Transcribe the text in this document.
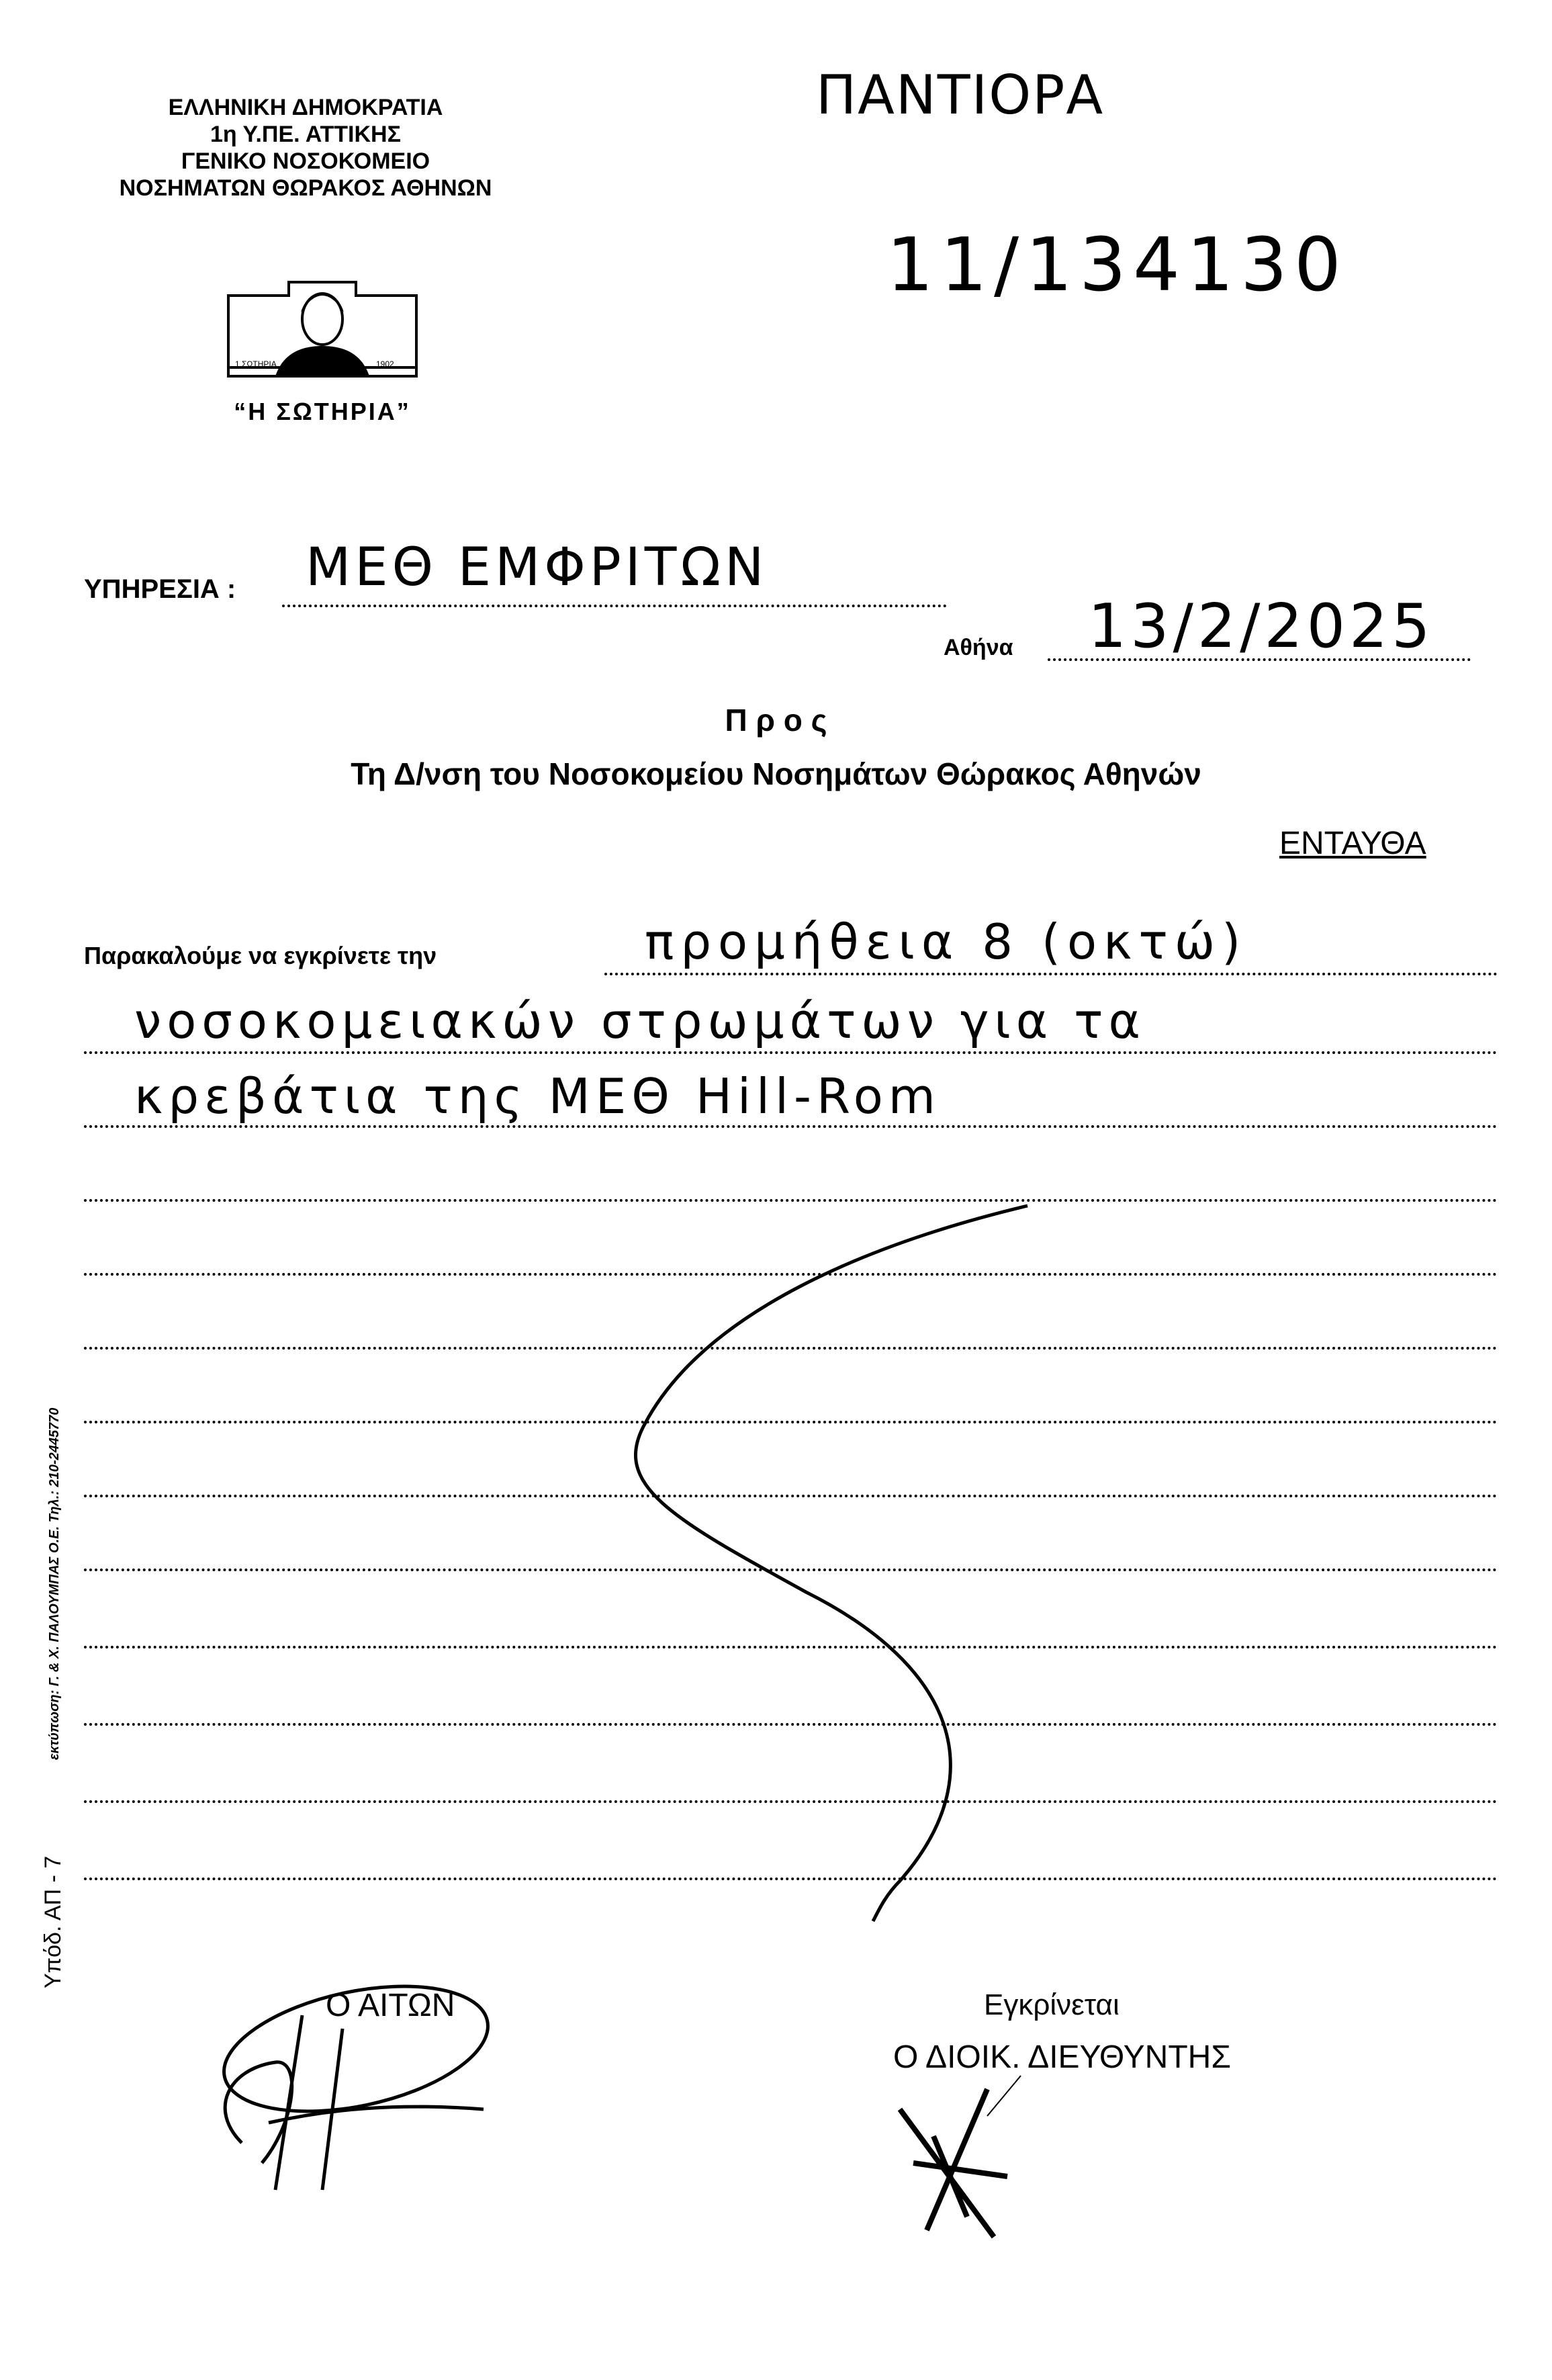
ΕΛΛΗΝΙΚΗ ΔΗΜΟΚΡΑΤΙΑ
1η Υ.ΠΕ. ΑΤΤΙΚΗΣ
ΓΕΝΙΚΟ ΝΟΣΟΚΟΜΕΙΟ
ΝΟΣΗΜΑΤΩΝ ΘΩΡΑΚΟΣ ΑΘΗΝΩΝ
1 ΣΩΤΗΡΙΑ	1902
“Η ΣΩΤΗΡΙΑ”
ΠΑΝΤΙΟΡΑ
11/134130
ΥΠΗΡΕΣΙΑ : ΜΕΘ ΕΜΦΡΙΤΩΝ
Αθήνα 13/2/2025
Π ρ ο ς
Τη Δ/νση του Νοσοκομείου Νοσημάτων Θώρακος Αθηνών
ΕΝΤΑΥΘΑ
Παρακαλούμε να εγκρίνετε την	προμήθεια 8 (οκτώ)
νοσοκομειακών στρωμάτων για τα
κρεβάτια της ΜΕΘ Hill-Rom
εκτύπωση: Γ. & Χ. ΠΑΛΟΥΜΠΑΣ Ο.Ε. Τηλ.: 210-2445770
Υπόδ. ΑΠ - 7
Ο ΑΙΤΩΝ	Εγκρίνεται
Ο ΔΙΟΙΚ. ΔΙΕΥΘΥΝΤΗΣ
